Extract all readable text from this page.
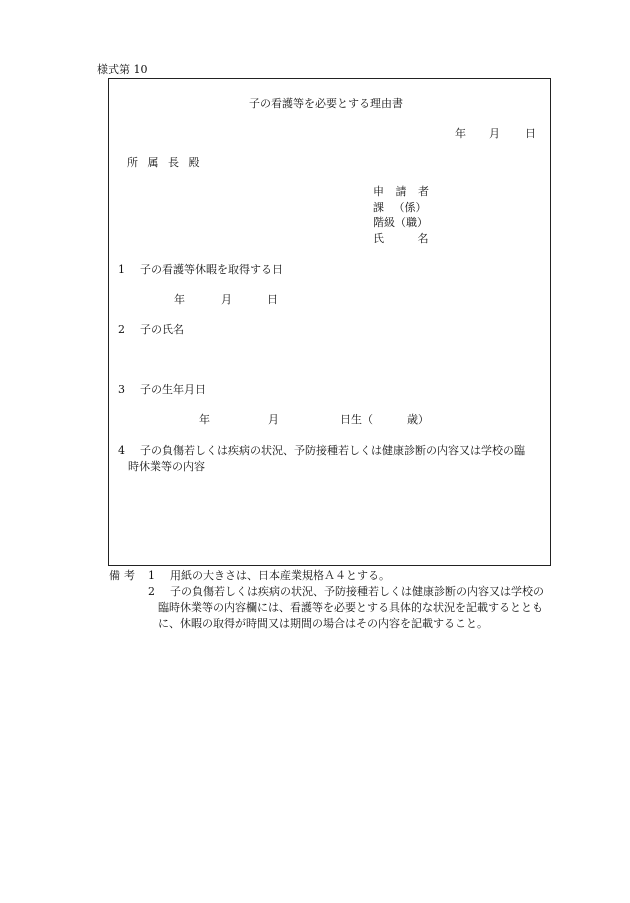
様式第 10
子の看護等を必要とする理由書
年 月 日
所 属 長 殿
申 請 者
課 （係）
階級（職）
氏 名
1 子の看護等休暇を取得する日
年	月	日
2 子の氏名
3 子の生年月日
年	月	日生（	歳）
4 子の負傷若しくは疾病の状況、予防接種若しくは健康診断の内容又は学校の臨
時休業等の内容
備考 1 用紙の大きさは、日本産業規格Ａ４とする。
2 子の負傷若しくは疾病の状況、予防接種若しくは健康診断の内容又は学校の
臨時休業等の内容欄には、看護等を必要とする具体的な状況を記載するととも
に、休暇の取得が時間又は期間の場合はその内容を記載すること。
